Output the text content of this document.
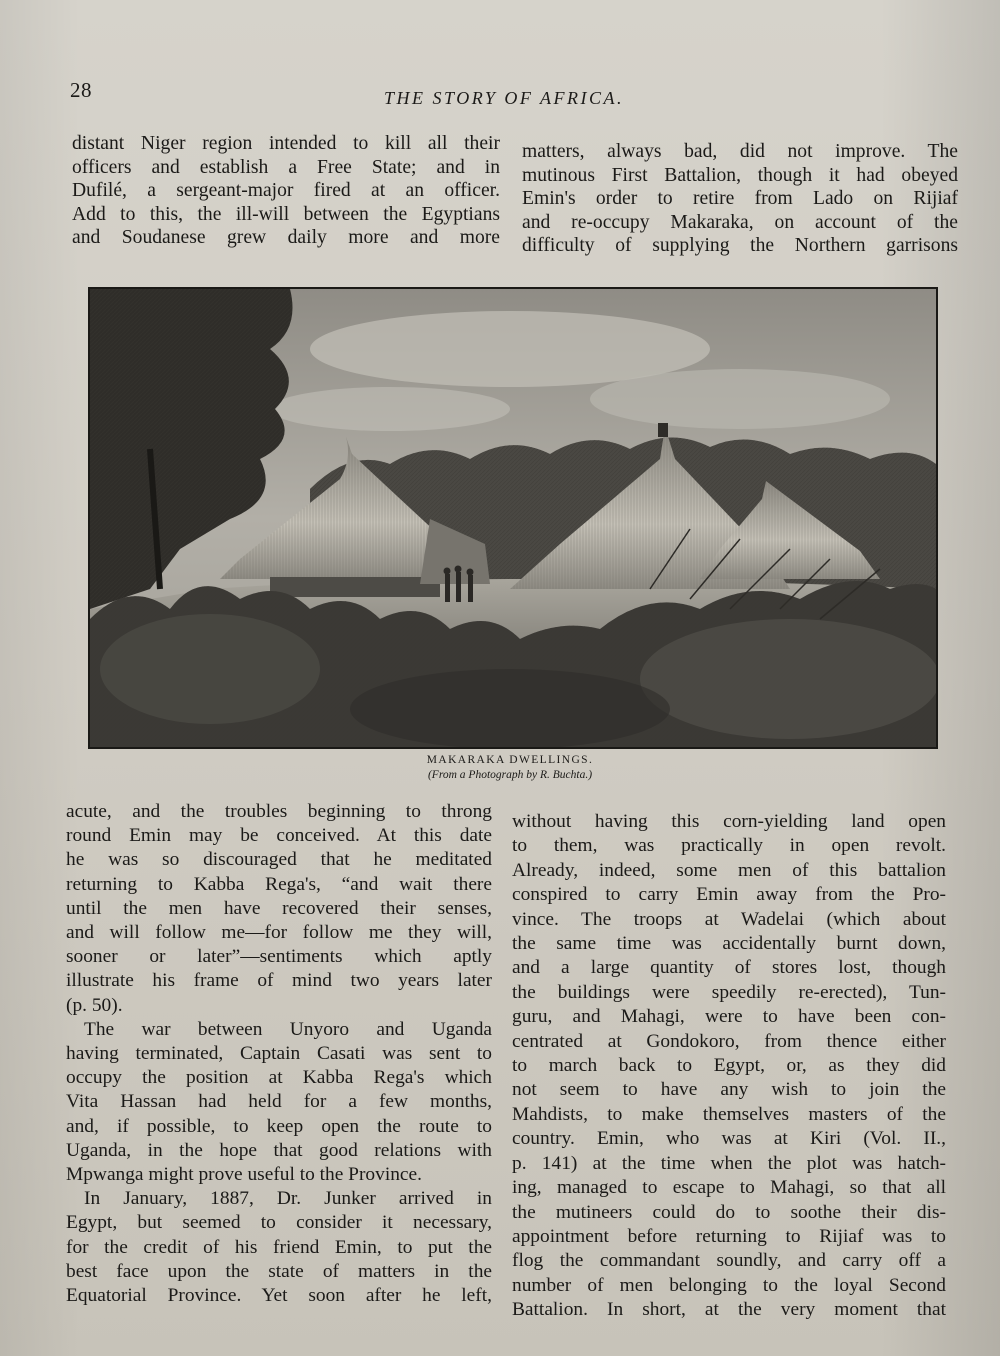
28	THE STORY OF AFRICA.
distant Niger region intended to kill all their
officers and establish a Free State; and in
Dufilé, a sergeant-major fired at an officer.
Add to this, the ill-will between the Egyptians
and Soudanese grew daily more and more
matters, always bad, did not improve. The
mutinous First Battalion, though it had obeyed
Emin's order to retire from Lado on Rijiaf
and re-occupy Makaraka, on account of the
difficulty of supplying the Northern garrisons
MAKARAKA DWELLINGS.
(From a Photograph by R. Buchta.)
acute, and the troubles beginning to throng
round Emin may be conceived. At this date
he was so discouraged that he meditated
returning to Kabba Rega's, “and wait there
until the men have recovered their senses,
and will follow me—for follow me they will,
sooner or later”—sentiments which aptly
illustrate his frame of mind two years later
(p. 50).
The war between Unyoro and Uganda
having terminated, Captain Casati was sent to
occupy the position at Kabba Rega's which
Vita Hassan had held for a few months,
and, if possible, to keep open the route to
Uganda, in the hope that good relations with
Mpwanga might prove useful to the Province.
In January, 1887, Dr. Junker arrived in
Egypt, but seemed to consider it necessary,
for the credit of his friend Emin, to put the
best face upon the state of matters in the
Equatorial Province. Yet soon after he left,
without having this corn-yielding land open
to them, was practically in open revolt.
Already, indeed, some men of this battalion
conspired to carry Emin away from the Pro-
vince. The troops at Wadelai (which about
the same time was accidentally burnt down,
and a large quantity of stores lost, though
the buildings were speedily re-erected), Tun-
guru, and Mahagi, were to have been con-
centrated at Gondokoro, from thence either
to march back to Egypt, or, as they did
not seem to have any wish to join the
Mahdists, to make themselves masters of the
country. Emin, who was at Kiri (Vol. II.,
p. 141) at the time when the plot was hatch-
ing, managed to escape to Mahagi, so that all
the mutineers could do to soothe their dis-
appointment before returning to Rijiaf was to
flog the commandant soundly, and carry off a
number of men belonging to the loyal Second
Battalion. In short, at the very moment that
